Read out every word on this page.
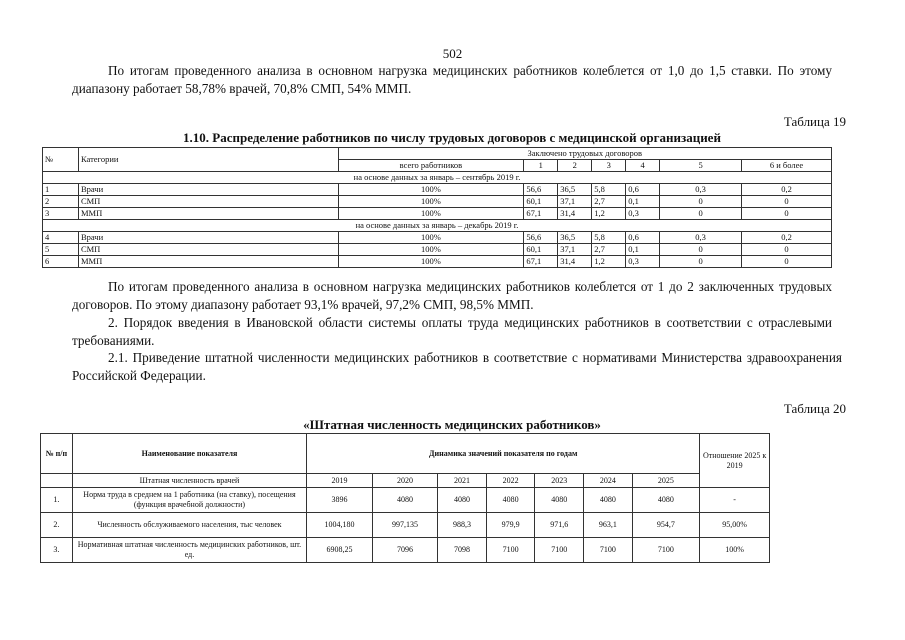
502
По итогам проведенного анализа в основном нагрузка медицинских работников колеблется от 1,0 до 1,5 ставки. По этому диапазону работает 58,78% врачей, 70,8% СМП, 54% ММП.
Таблица 19
1.10. Распределение работников по числу трудовых договоров с медицинской организацией
№	Категории	Заключено трудовых договоров						
		всего работников	1	2	3	4	5	6 и более
на основе данных за январь – сентябрь 2019 г.								
1	Врачи	100%	56,6	36,5	5,8	0,6	0,3	0,2
2	СМП	100%	60,1	37,1	2,7	0,1	0	0
3	ММП	100%	67,1	31,4	1,2	0,3	0	0
на основе данных за январь – декабрь 2019 г.								
4	Врачи	100%	56,6	36,5	5,8	0,6	0,3	0,2
5	СМП	100%	60,1	37,1	2,7	0,1	0	0
6	ММП	100%	67,1	31,4	1,2	0,3	0	0
По итогам проведенного анализа в основном нагрузка медицинских работников колеблется от 1 до 2 заключенных трудовых договоров. По этому диапазону работает 93,1% врачей, 97,2% СМП, 98,5% ММП.
2. Порядок введения в Ивановской области системы оплаты труда медицинских работников в соответствии с отраслевыми требованиями.
2.1. Приведение штатной численности медицинских работников в соответствие с нормативами Министерства здравоохранения Российской Федерации.
Таблица 20
«Штатная численность медицинских работников»
№ п/п	Наименование показателя	Динамика значений показателя по годам							Отношение 2025 к 2019
	Штатная численность врачей	2019	2020	2021	2022	2023	2024	2025	
1.	Норма труда в среднем на 1 работника (на ставку), посещения (функция врачебной должности)	3896	4080	4080	4080	4080	4080	4080	-
2.	Численность обслуживаемого населения, тыс человек	1004,180	997,135	988,3	979,9	971,6	963,1	954,7	95,00%
3.	Нормативная штатная численность медицинских работников, шт. ед.	6908,25	7096	7098	7100	7100	7100	7100	100%
